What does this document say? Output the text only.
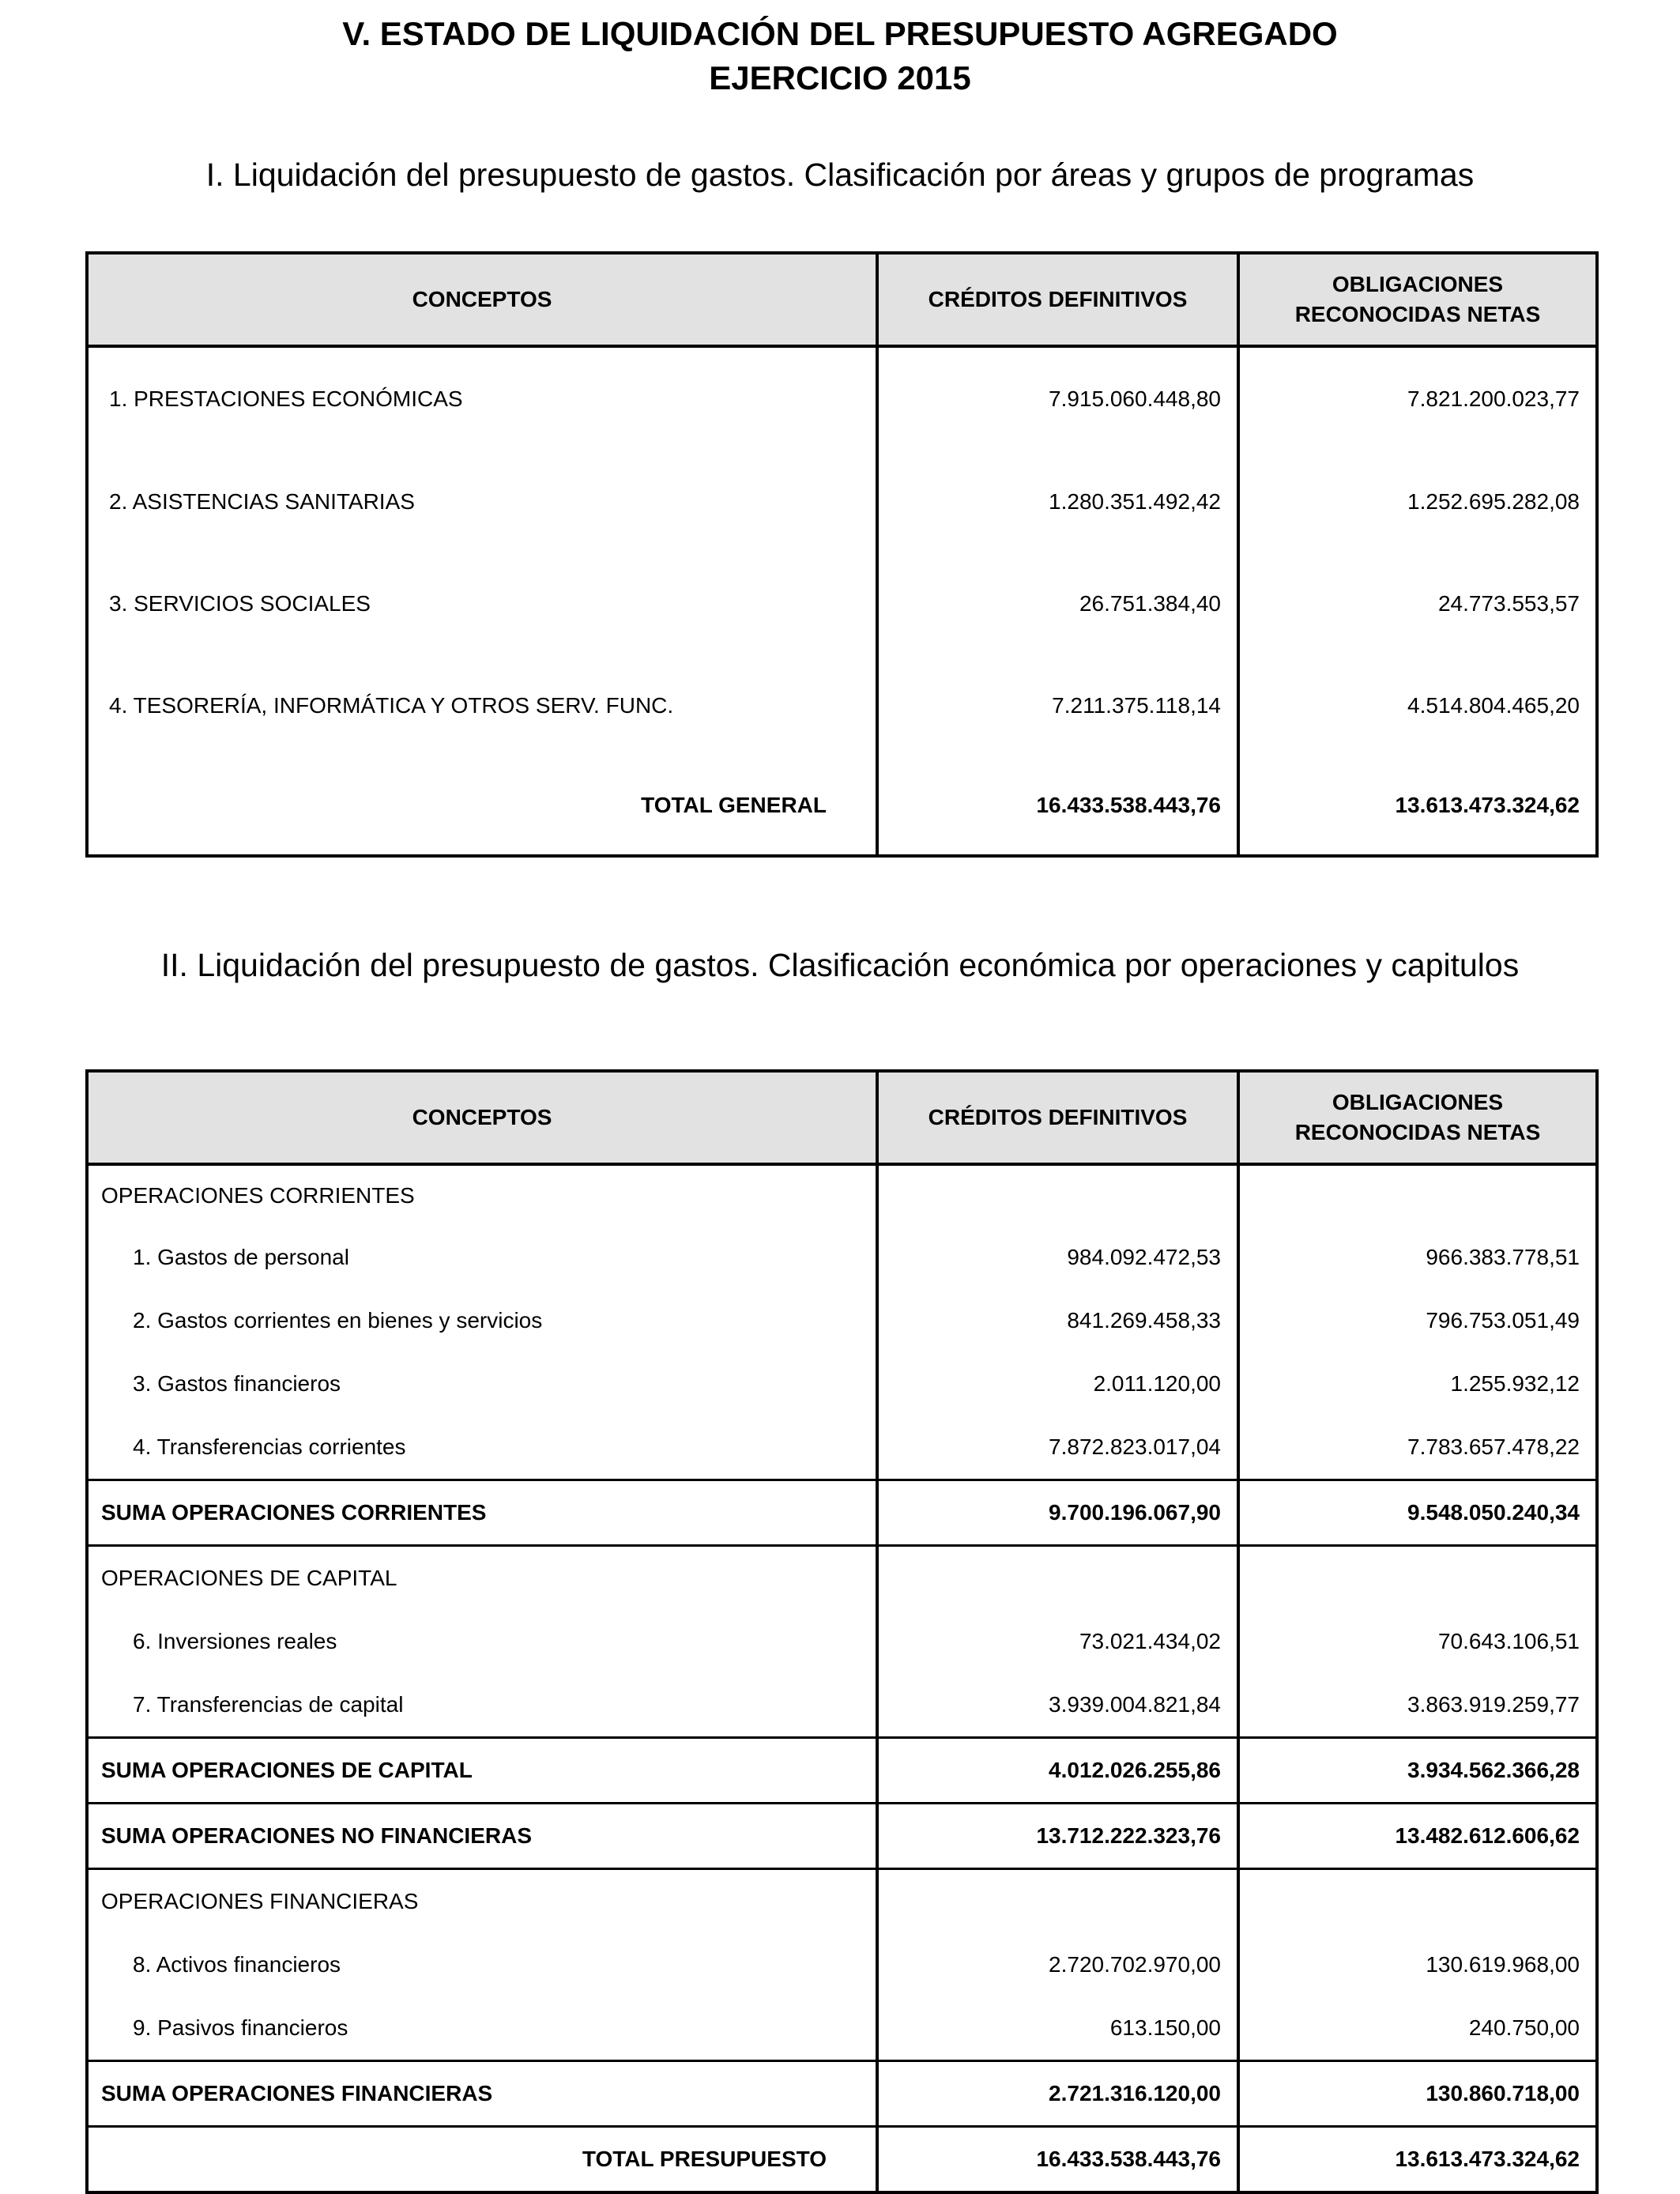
V. ESTADO DE LIQUIDACIÓN DEL PRESUPUESTO AGREGADO
EJERCICIO 2015
I. Liquidación del presupuesto de gastos. Clasificación por áreas y grupos de programas
CONCEPTOS	CRÉDITOS DEFINITIVOS	OBLIGACIONES
RECONOCIDAS NETAS
1. PRESTACIONES ECONÓMICAS	7.915.060.448,80	7.821.200.023,77
2. ASISTENCIAS SANITARIAS	1.280.351.492,42	1.252.695.282,08
3. SERVICIOS SOCIALES	26.751.384,40	24.773.553,57
4. TESORERÍA, INFORMÁTICA Y OTROS SERV. FUNC.	7.211.375.118,14	4.514.804.465,20
TOTAL GENERAL	16.433.538.443,76	13.613.473.324,62
II. Liquidación del presupuesto de gastos. Clasificación económica por operaciones y capitulos
CONCEPTOS	CRÉDITOS DEFINITIVOS	OBLIGACIONES
RECONOCIDAS NETAS
OPERACIONES CORRIENTES		
1. Gastos de personal	984.092.472,53	966.383.778,51
2. Gastos corrientes en bienes y servicios	841.269.458,33	796.753.051,49
3. Gastos financieros	2.011.120,00	1.255.932,12
4. Transferencias corrientes	7.872.823.017,04	7.783.657.478,22
SUMA OPERACIONES CORRIENTES	9.700.196.067,90	9.548.050.240,34
OPERACIONES DE CAPITAL		
6. Inversiones reales	73.021.434,02	70.643.106,51
7. Transferencias de capital	3.939.004.821,84	3.863.919.259,77
SUMA OPERACIONES DE CAPITAL	4.012.026.255,86	3.934.562.366,28
SUMA OPERACIONES NO FINANCIERAS	13.712.222.323,76	13.482.612.606,62
OPERACIONES FINANCIERAS		
8. Activos financieros	2.720.702.970,00	130.619.968,00
9. Pasivos financieros	613.150,00	240.750,00
SUMA OPERACIONES FINANCIERAS	2.721.316.120,00	130.860.718,00
TOTAL PRESUPUESTO	16.433.538.443,76	13.613.473.324,62
